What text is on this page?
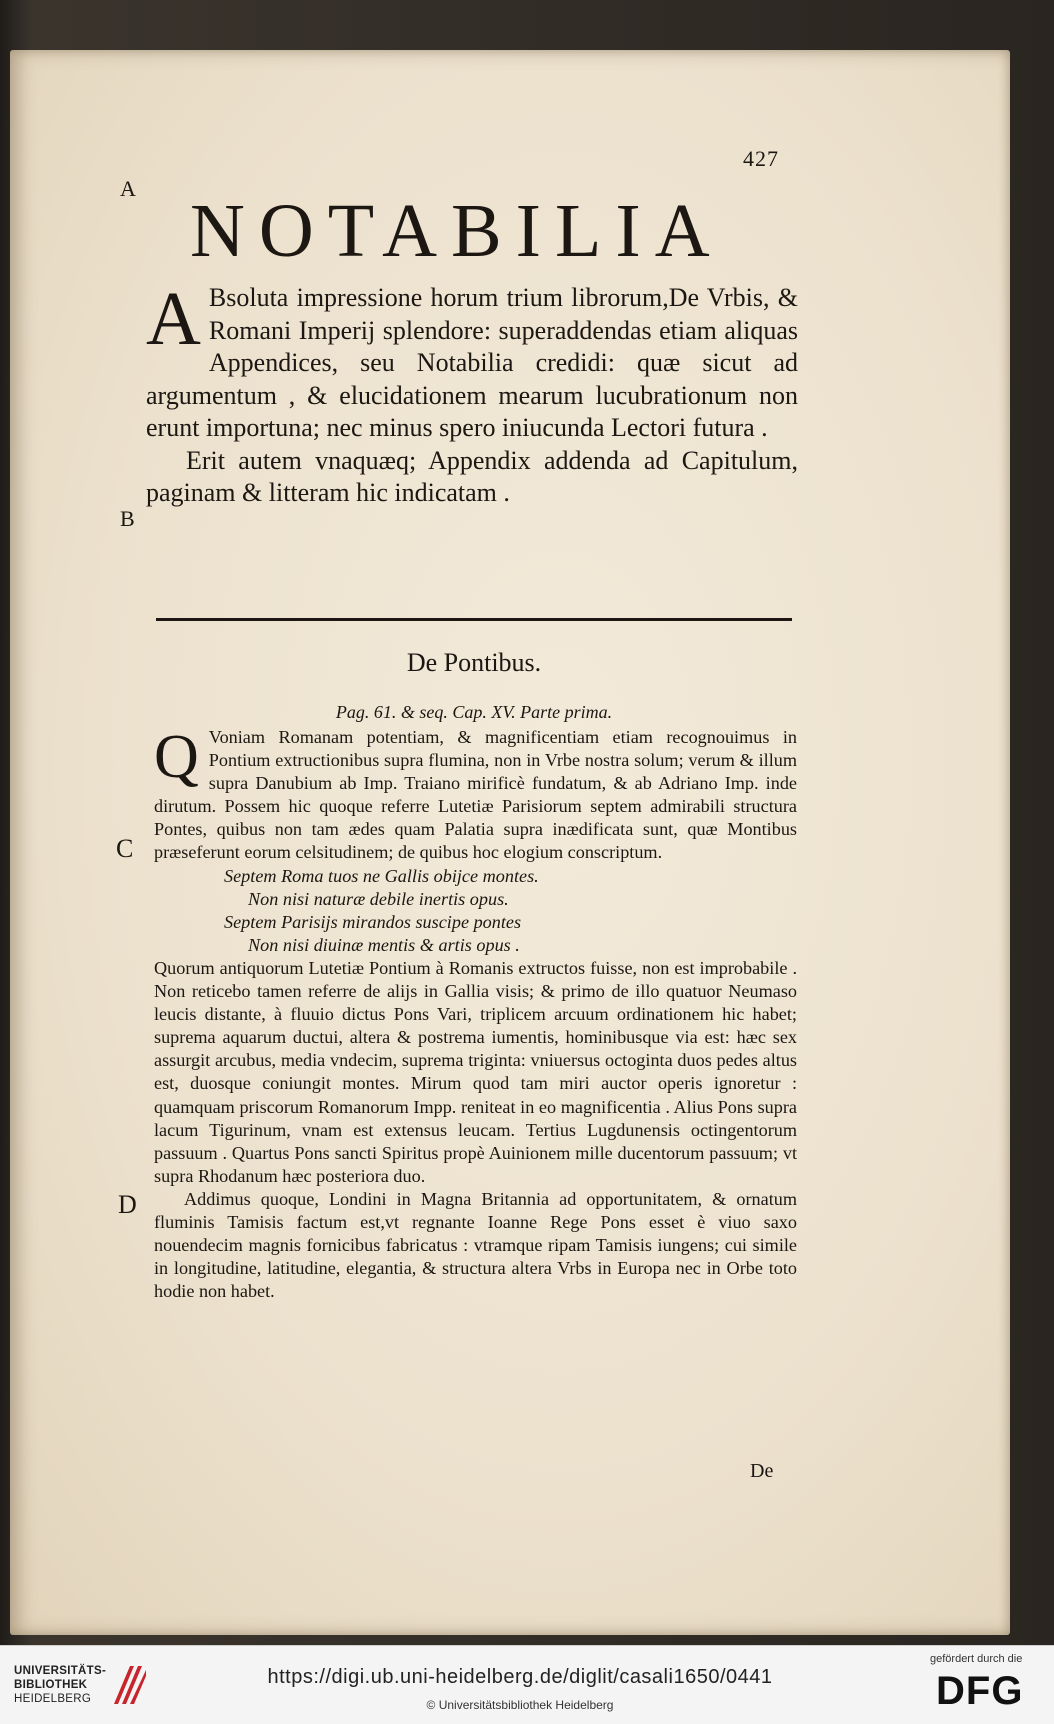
427
A
B
C
D
NOTABILIA

A Bsoluta impressione horum trium librorum,De Vrbis, & Romani Imperij splendore: superaddendas etiam aliquas Appendices, seu Notabilia credidi: quæ sicut ad argumentum , & elucidationem mearum lucubrationum non erunt importuna; nec minus spero iniucunda Lectori futura .

Erit autem vnaquæq; Appendix addenda ad Capitulum, paginam & litteram hic indicatam .

De Pontibus.
Pag. 61. & seq. Cap. XV. Parte prima.

Q Voniam Romanam potentiam, & magnificentiam etiam recognouimus in Pontium extructionibus supra flumina, non in Vrbe nostra solum; verum & illum supra Danubium ab Imp. Traiano mirificè fundatum, & ab Adriano Imp. inde dirutum. Possem hic quoque referre Lutetiæ Parisiorum septem admirabili structura Pontes, quibus non tam ædes quam Palatia supra inædificata sunt, quæ Montibus præseferunt eorum celsitudinem; de quibus hoc elogium conscriptum.

Septem Roma tuos ne Gallis obijce montes.
Non nisi naturæ debile inertis opus.
Septem Parisijs mirandos suscipe pontes
Non nisi diuinæ mentis & artis opus .

Quorum antiquorum Lutetiæ Pontium à Romanis extructos fuisse, non est improbabile . Non reticebo tamen referre de alijs in Gallia visis; & primo de illo quatuor Neumaso leucis distante, à fluuio dictus Pons Vari, triplicem arcuum ordinationem hic habet; suprema aquarum ductui, altera & postrema iumentis, hominibusque via est: hæc sex assurgit arcubus, media vndecim, suprema triginta: vniuersus octoginta duos pedes altus est, duosque coniungit montes. Mirum quod tam miri auctor operis ignoretur : quamquam priscorum Romanorum Impp. reniteat in eo magnificentia . Alius Pons supra lacum Tigurinum, vnam est extensus leucam. Tertius Lugdunensis octingentorum passuum . Quartus Pons sancti Spiritus propè Auinionem mille ducentorum passuum; vt supra Rhodanum hæc posteriora duo.

Addimus quoque, Londini in Magna Britannia ad opportunitatem, & ornatum fluminis Tamisis factum est,vt regnante Ioanne Rege Pons esset è viuo saxo nouendecim magnis fornicibus fabricatus : vtramque ripam Tamisis iungens; cui simile in longitudine, latitudine, elegantia, & structura altera Vrbs in Europa nec in Orbe toto hodie non habet.

De
UNIVERSITÄTS-
BIBLIOTHEK
HEIDELBERG
https://digi.ub.uni-heidelberg.de/diglit/casali1650/0441
© Universitätsbibliothek Heidelberg
gefördert durch die
DFG
